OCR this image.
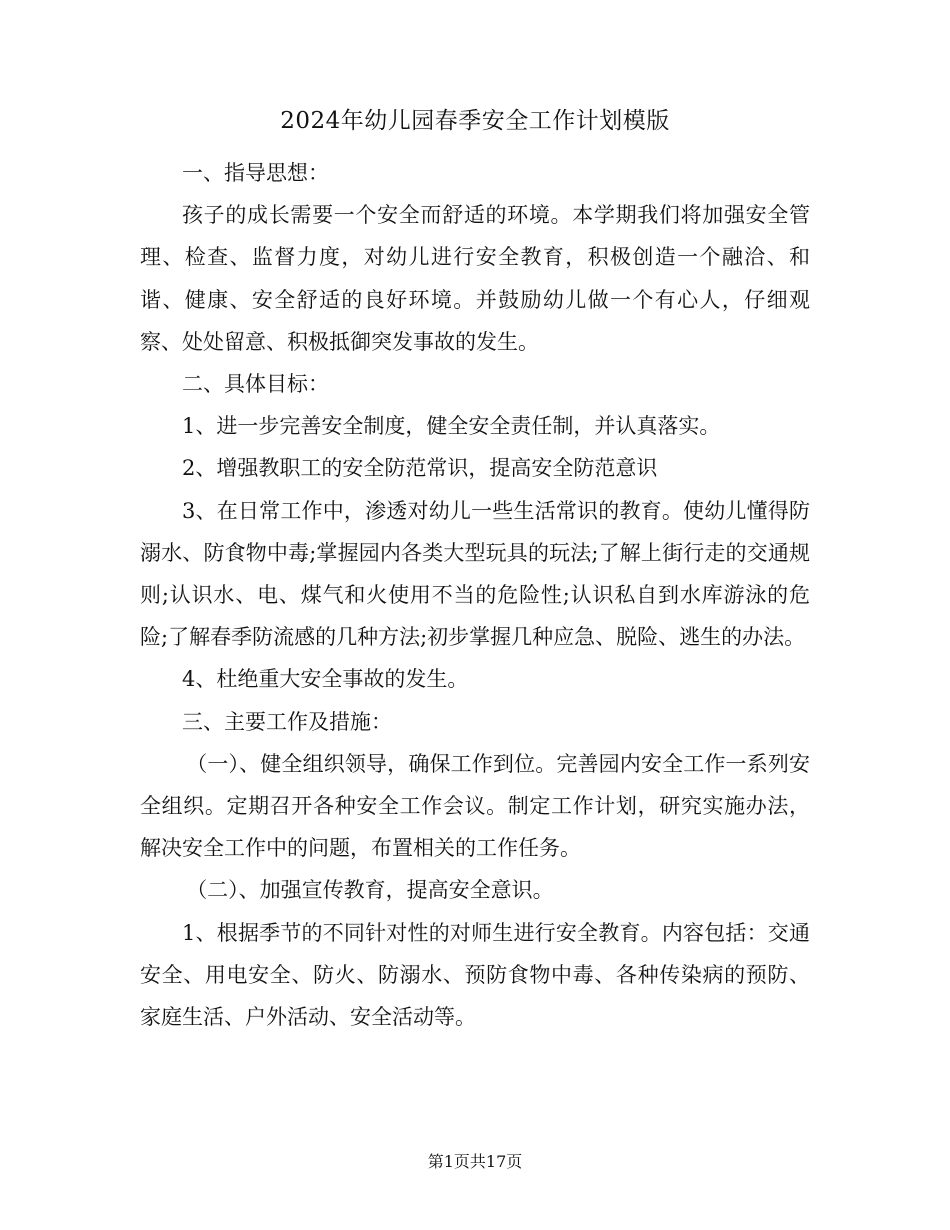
2024年幼儿园春季安全工作计划模版

一、指导思想：

孩子的成长需要一个安全而舒适的环境。本学期我们将加强安全管理、检查、监督力度，对幼儿进行安全教育，积极创造一个融洽、和谐、健康、安全舒适的良好环境。并鼓励幼儿做一个有心人，仔细观察、处处留意、积极抵御突发事故的发生。

二、具体目标：

1、进一步完善安全制度，健全安全责任制，并认真落实。

2、增强教职工的安全防范常识，提高安全防范意识

3、在日常工作中，渗透对幼儿一些生活常识的教育。使幼儿懂得防溺水、防食物中毒;掌握园内各类大型玩具的玩法;了解上街行走的交通规则;认识水、电、煤气和火使用不当的危险性;认识私自到水库游泳的危险;了解春季防流感的几种方法;初步掌握几种应急、脱险、逃生的办法。

4、杜绝重大安全事故的发生。

三、主要工作及措施：

（一）、健全组织领导，确保工作到位。完善园内安全工作一系列安全组织。定期召开各种安全工作会议。制定工作计划，研究实施办法，解决安全工作中的问题，布置相关的工作任务。

（二）、加强宣传教育，提高安全意识。

1、根据季节的不同针对性的对师生进行安全教育。内容包括：交通安全、用电安全、防火、防溺水、预防食物中毒、各种传染病的预防、家庭生活、户外活动、安全活动等。

第1页共17页
